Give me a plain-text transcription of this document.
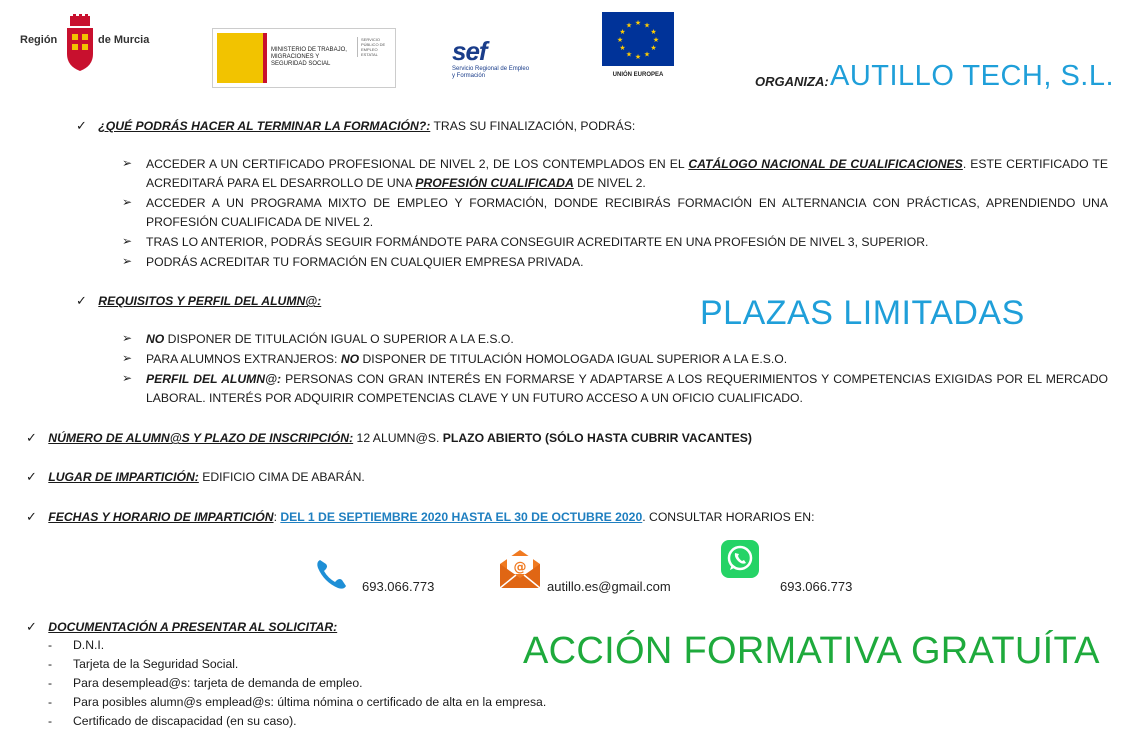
Región	de Murcia
MINISTERIO DE TRABAJO, MIGRACIONES Y SEGURIDAD SOCIAL
SERVICIO PÚBLICO DE EMPLEO ESTATAL	sef
Servicio Regional de Empleo y Formación
★ ★
★
★
★
★
★
★
★
★
★
★
UNIÓN EUROPEA	ORGANIZA: AUTILLO TECH, S.L.
✓ ¿QUÉ PODRÁS HACER AL TERMINAR LA FORMACIÓN?: TRAS SU FINALIZACIÓN, PODRÁS:
➢ ACCEDER A UN CERTIFICADO PROFESIONAL DE NIVEL 2, DE LOS CONTEMPLADOS EN EL CATÁLOGO NACIONAL DE CUALIFICACIONES. ESTE CERTIFICADO TE ACREDITARÁ PARA EL DESARROLLO DE UNA PROFESIÓN CUALIFICADA DE NIVEL 2.
➢ ACCEDER A UN PROGRAMA MIXTO DE EMPLEO Y FORMACIÓN, DONDE RECIBIRÁS FORMACIÓN EN ALTERNANCIA CON PRÁCTICAS, APRENDIENDO UNA PROFESIÓN CUALIFICADA DE NIVEL 2.
➢ TRAS LO ANTERIOR, PODRÁS SEGUIR FORMÁNDOTE PARA CONSEGUIR ACREDITARTE EN UNA PROFESIÓN DE NIVEL 3, SUPERIOR.
➢ PODRÁS ACREDITAR TU FORMACIÓN EN CUALQUIER EMPRESA PRIVADA.
✓ REQUISITOS Y PERFIL DEL ALUMN@:	PLAZAS LIMITADAS
➢ NO DISPONER DE TITULACIÓN IGUAL O SUPERIOR A LA E.S.O.
➢ PARA ALUMNOS EXTRANJEROS: NO DISPONER DE TITULACIÓN HOMOLOGADA IGUAL SUPERIOR A LA E.S.O.
➢ PERFIL DEL ALUMN@: PERSONAS CON GRAN INTERÉS EN FORMARSE Y ADAPTARSE A LOS REQUERIMIENTOS Y COMPETENCIAS EXIGIDAS POR EL MERCADO LABORAL. INTERÉS POR ADQUIRIR COMPETENCIAS CLAVE Y UN FUTURO ACCESO A UN OFICIO CUALIFICADO.
✓ NÚMERO DE ALUMN@S Y PLAZO DE INSCRIPCIÓN: 12 ALUMN@S. PLAZO ABIERTO (SÓLO HASTA CUBRIR VACANTES)
✓ LUGAR DE IMPARTICIÓN: EDIFICIO CIMA DE ABARÁN.
✓ FECHAS Y HORARIO DE IMPARTICIÓN: DEL 1 DE SEPTIEMBRE 2020 HASTA EL 30 DE OCTUBRE 2020. CONSULTAR HORARIOS EN:
693.066.773
@
autillo.es@gmail.com	693.066.773
✓ DOCUMENTACIÓN A PRESENTAR AL SOLICITAR:
ACCIÓN FORMATIVA GRATUÍTA
- D.N.I.
- Tarjeta de la Seguridad Social.
- Para desemplead@s: tarjeta de demanda de empleo.
- Para posibles alumn@s emplead@s: última nómina o certificado de alta en la empresa.
- Certificado de discapacidad (en su caso).
